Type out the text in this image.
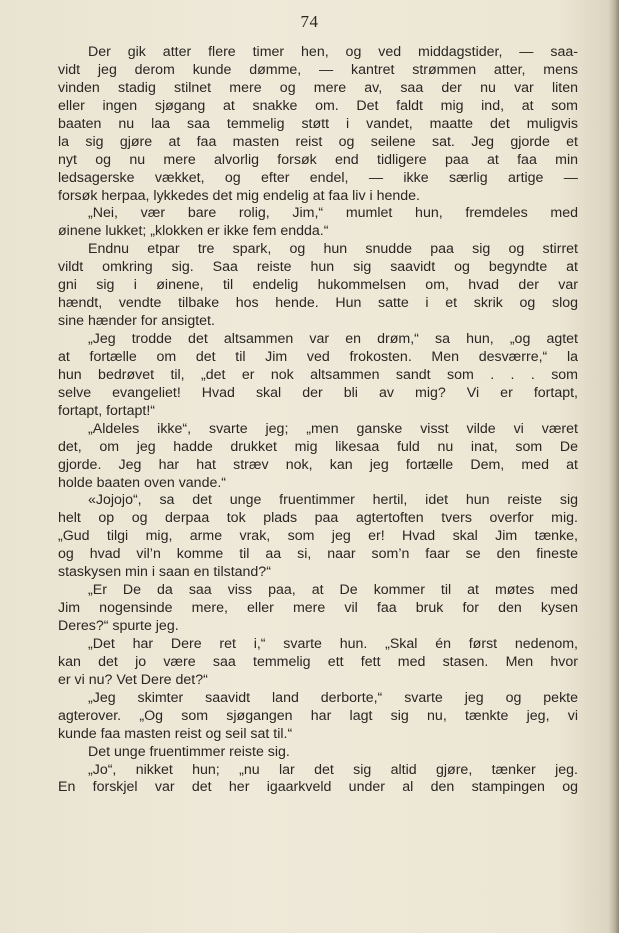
74
Der gik atter flere timer hen, og ved middagstider, — saa-
vidt jeg derom kunde dømme, — kantret strømmen atter, mens
vinden stadig stilnet mere og mere av, saa der nu var liten
eller ingen sjøgang at snakke om. Det faldt mig ind, at som
baaten nu laa saa temmelig støtt i vandet, maatte det muligvis
la sig gjøre at faa masten reist og seilene sat. Jeg gjorde et
nyt og nu mere alvorlig forsøk end tidligere paa at faa min
ledsagerske vækket, og efter endel, — ikke særlig artige —
forsøk herpaa, lykkedes det mig endelig at faa liv i hende.
„Nei, vær bare rolig, Jim,“ mumlet hun, fremdeles med
øinene lukket; „klokken er ikke fem endda.“
Endnu etpar tre spark, og hun snudde paa sig og stirret
vildt omkring sig. Saa reiste hun sig saavidt og begyndte at
gni sig i øinene, til endelig hukommelsen om, hvad der var
hændt, vendte tilbake hos hende. Hun satte i et skrik og slog
sine hænder for ansigtet.
„Jeg trodde det altsammen var en drøm,“ sa hun, „og agtet
at fortælle om det til Jim ved frokosten. Men desværre,“ la
hun bedrøvet til, „det er nok altsammen sandt som . . . som
selve evangeliet! Hvad skal der bli av mig? Vi er fortapt,
fortapt, fortapt!“
„Aldeles ikke“, svarte jeg; „men ganske visst vilde vi været
det, om jeg hadde drukket mig likesaa fuld nu inat, som De
gjorde. Jeg har hat stræv nok, kan jeg fortælle Dem, med at
holde baaten oven vande.“
«Jojojo“, sa det unge fruentimmer hertil, idet hun reiste sig
helt op og derpaa tok plads paa agtertoften tvers overfor mig.
„Gud tilgi mig, arme vrak, som jeg er! Hvad skal Jim tænke,
og hvad vil’n komme til aa si, naar som’n faar se den fineste
staskysen min i saan en tilstand?“
„Er De da saa viss paa, at De kommer til at møtes med
Jim nogensinde mere, eller mere vil faa bruk for den kysen
Deres?“ spurte jeg.
„Det har Dere ret i,“ svarte hun. „Skal én først nedenom,
kan det jo være saa temmelig ett fett med stasen. Men hvor
er vi nu? Vet Dere det?“
„Jeg skimter saavidt land derborte,“ svarte jeg og pekte
agterover. „Og som sjøgangen har lagt sig nu, tænkte jeg, vi
kunde faa masten reist og seil sat til.“
Det unge fruentimmer reiste sig.
„Jo“, nikket hun; „nu lar det sig altid gjøre, tænker jeg.
En forskjel var det her igaarkveld under al den stampingen og
